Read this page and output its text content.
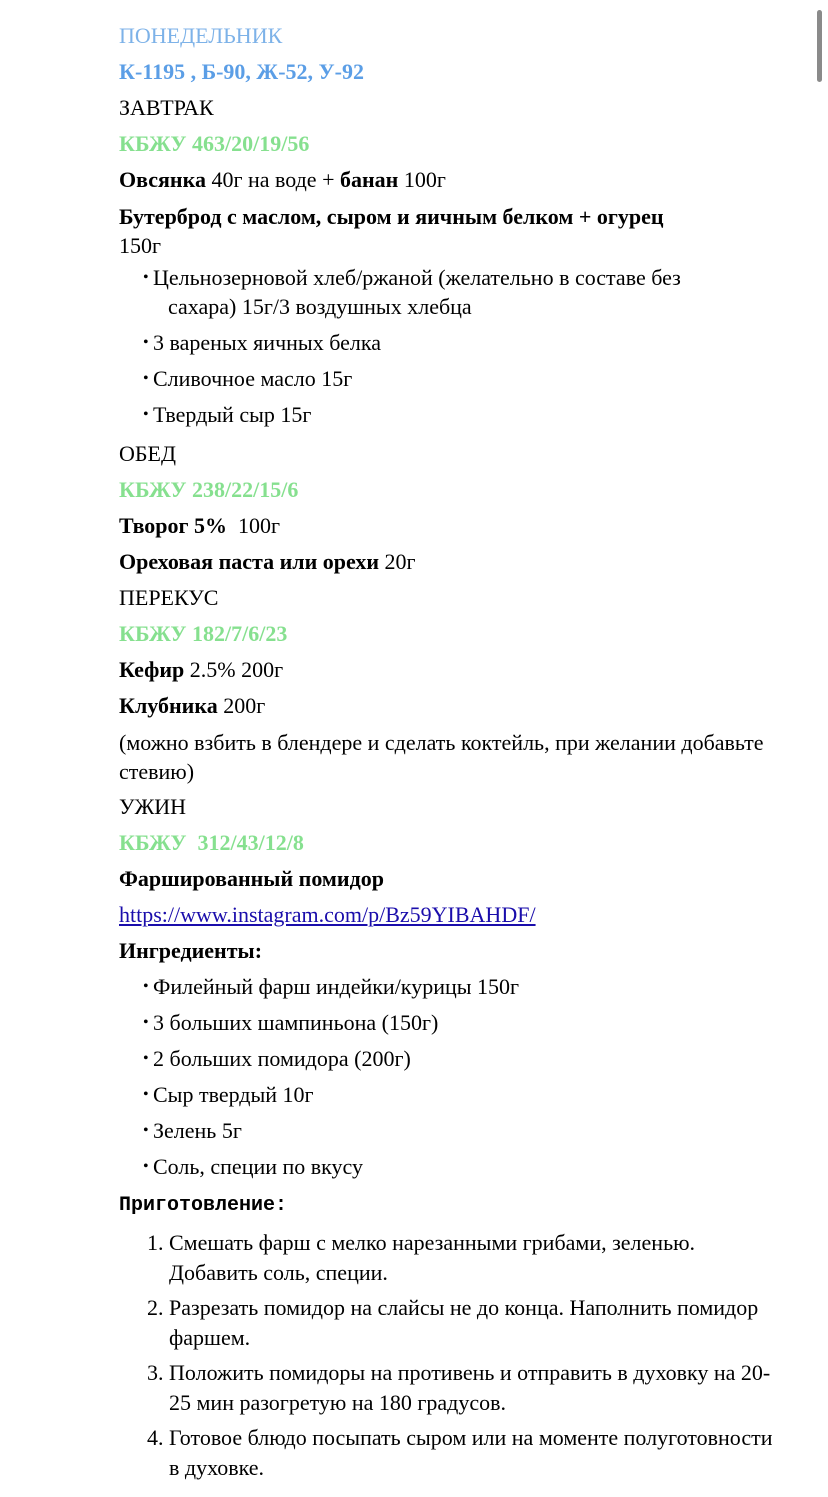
ПОНЕДЕЛЬНИК

К-1195 , Б-90, Ж-52, У-92

ЗАВТРАК

КБЖУ 463/20/19/56

Овсянка 40г на воде + банан 100г

Бутерброд с маслом, сыром и яичным белком + огурец
150г

• Цельнозерновой хлеб/ржаной (желательно в составе без
сахара) 15г/3 воздушных хлебца
• 3 вареных яичных белка
• Сливочное масло 15г
• Твердый сыр 15г

ОБЕД

КБЖУ 238/22/15/6

Творог 5%  100г

Ореховая паста или орехи 20г

ПЕРЕКУС

КБЖУ 182/7/6/23

Кефир 2.5% 200г

Клубника 200г

(можно взбить в блендере и сделать коктейль, при желании добавьте стевию)

УЖИН

КБЖУ  312/43/12/8

Фаршированный помидор

https://www.instagram.com/p/Bz59YIBAHDF/

Ингредиенты:

• Филейный фарш индейки/курицы 150г
• 3 больших шампиньона (150г)
• 2 больших помидора (200г)
• Сыр твердый 10г
• Зелень 5г
• Соль, специи по вкусу

Приготовление:

1. Смешать фарш с мелко нарезанными грибами, зеленью. Добавить соль, специи.
2. Разрезать помидор на слайсы не до конца. Наполнить помидор фаршем.
3. Положить помидоры на противень и отправить в духовку на 20-25 мин разогретую на 180 градусов.
4. Готовое блюдо посыпать сыром или на моменте полуготовности в духовке.
